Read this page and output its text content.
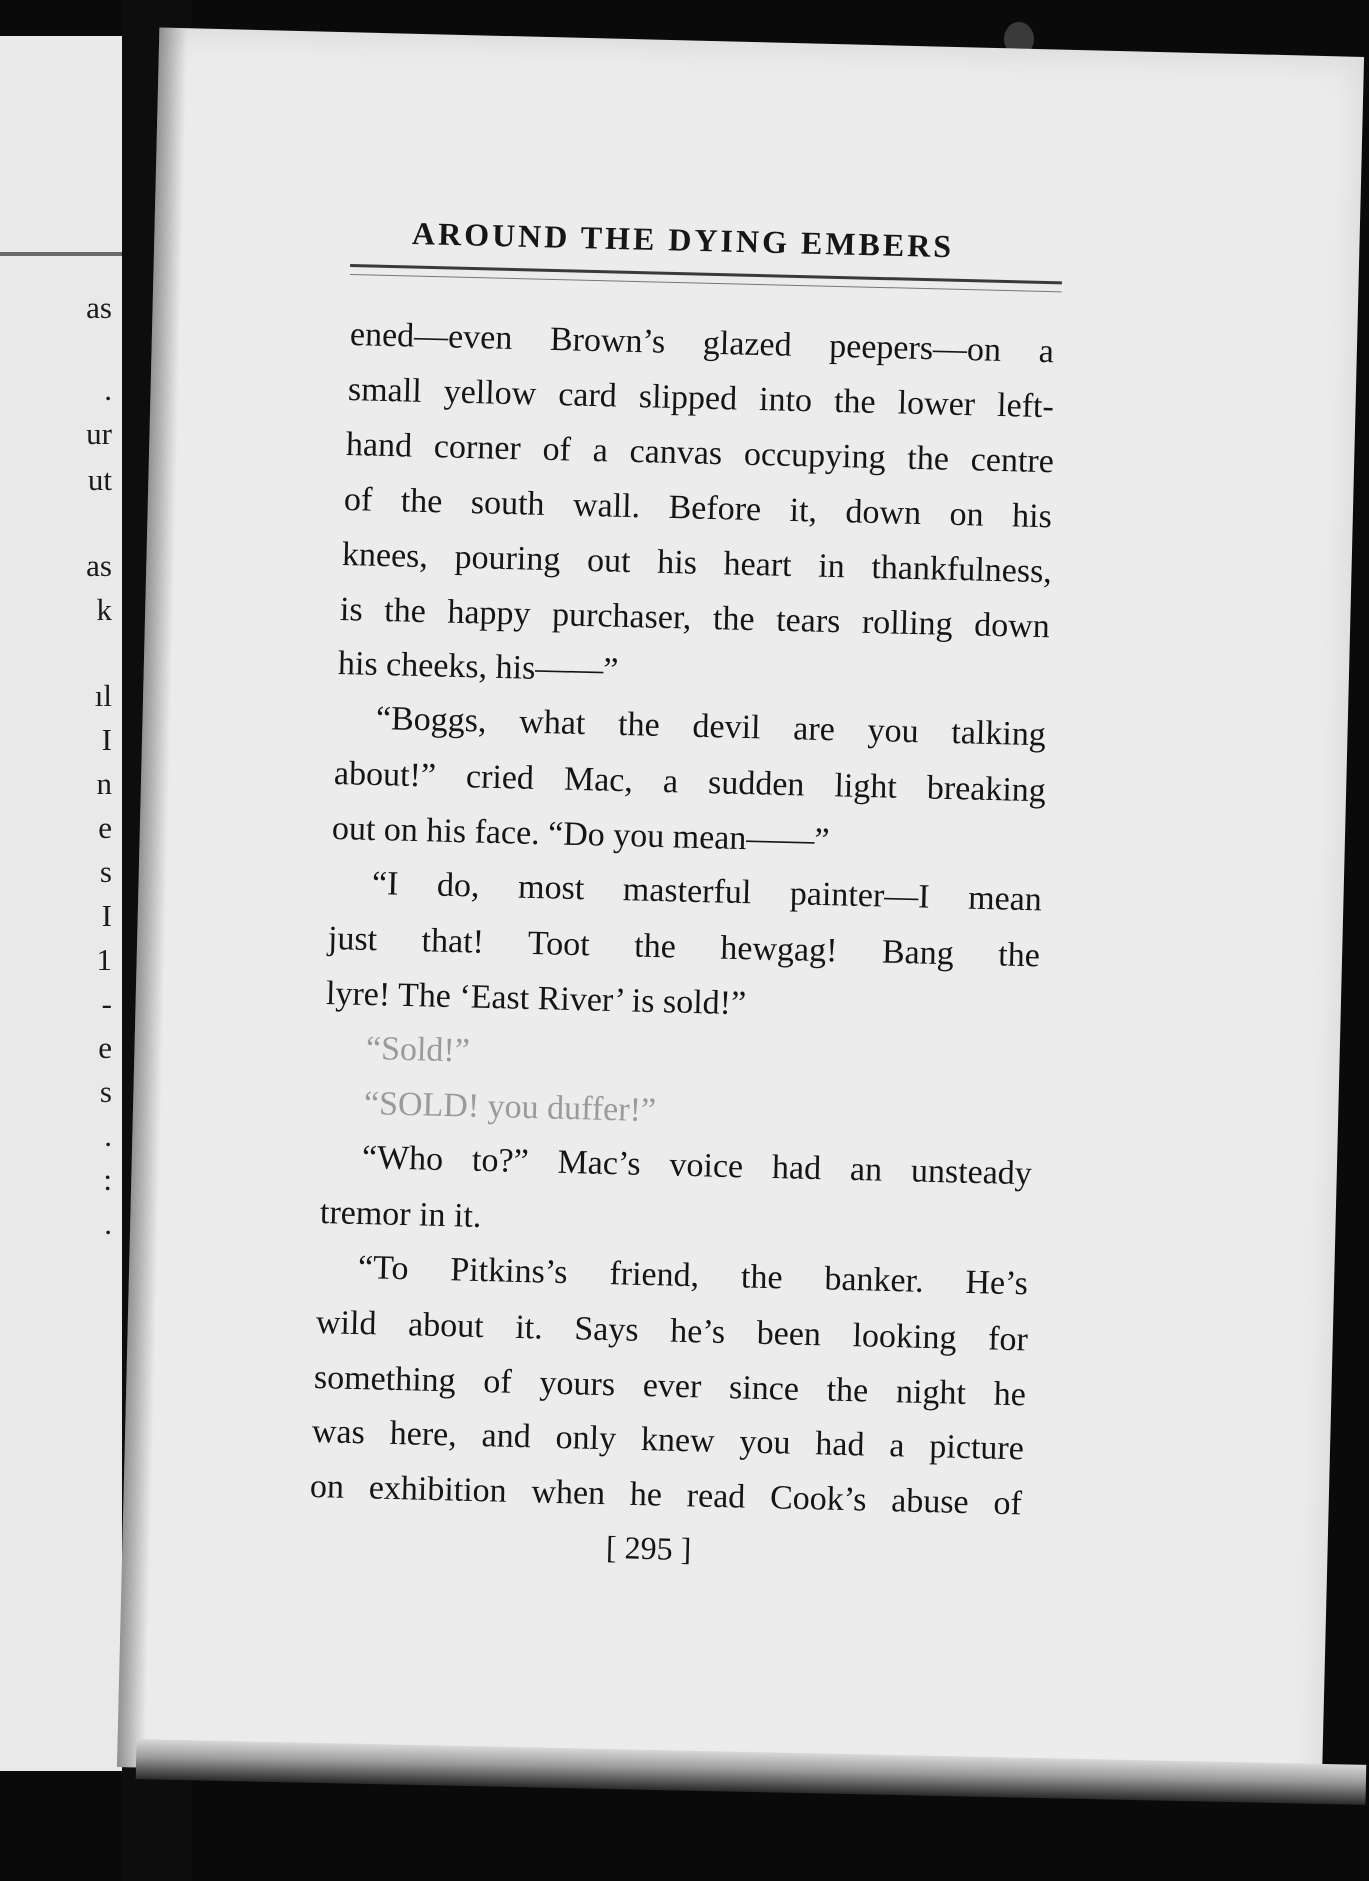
as
.
ur
ut
as
k
ıl
I
n
e
s
I
1
-
e
s
.
:
.
AROUND THE DYING EMBERS
ened—even Brown’s glazed peepers—on a
small yellow card slipped into the lower left-
hand corner of a canvas occupying the centre
of the south wall. Before it, down on his
knees, pouring out his heart in thankfulness,
is the happy purchaser, the tears rolling down
his cheeks, his——”
“Boggs, what the devil are you talking
about!” cried Mac, a sudden light breaking
out on his face. “Do you mean——”
“I do, most masterful painter—I mean
just that! Toot the hewgag! Bang the
lyre! The ‘East River’ is sold!”
“Sold!”
“SOLD! you duffer!”
“Who to?” Mac’s voice had an unsteady
tremor in it.
“To Pitkins’s friend, the banker. He’s
wild about it. Says he’s been looking for
something of yours ever since the night he
was here, and only knew you had a picture
on exhibition when he read Cook’s abuse of
[ 295 ]
